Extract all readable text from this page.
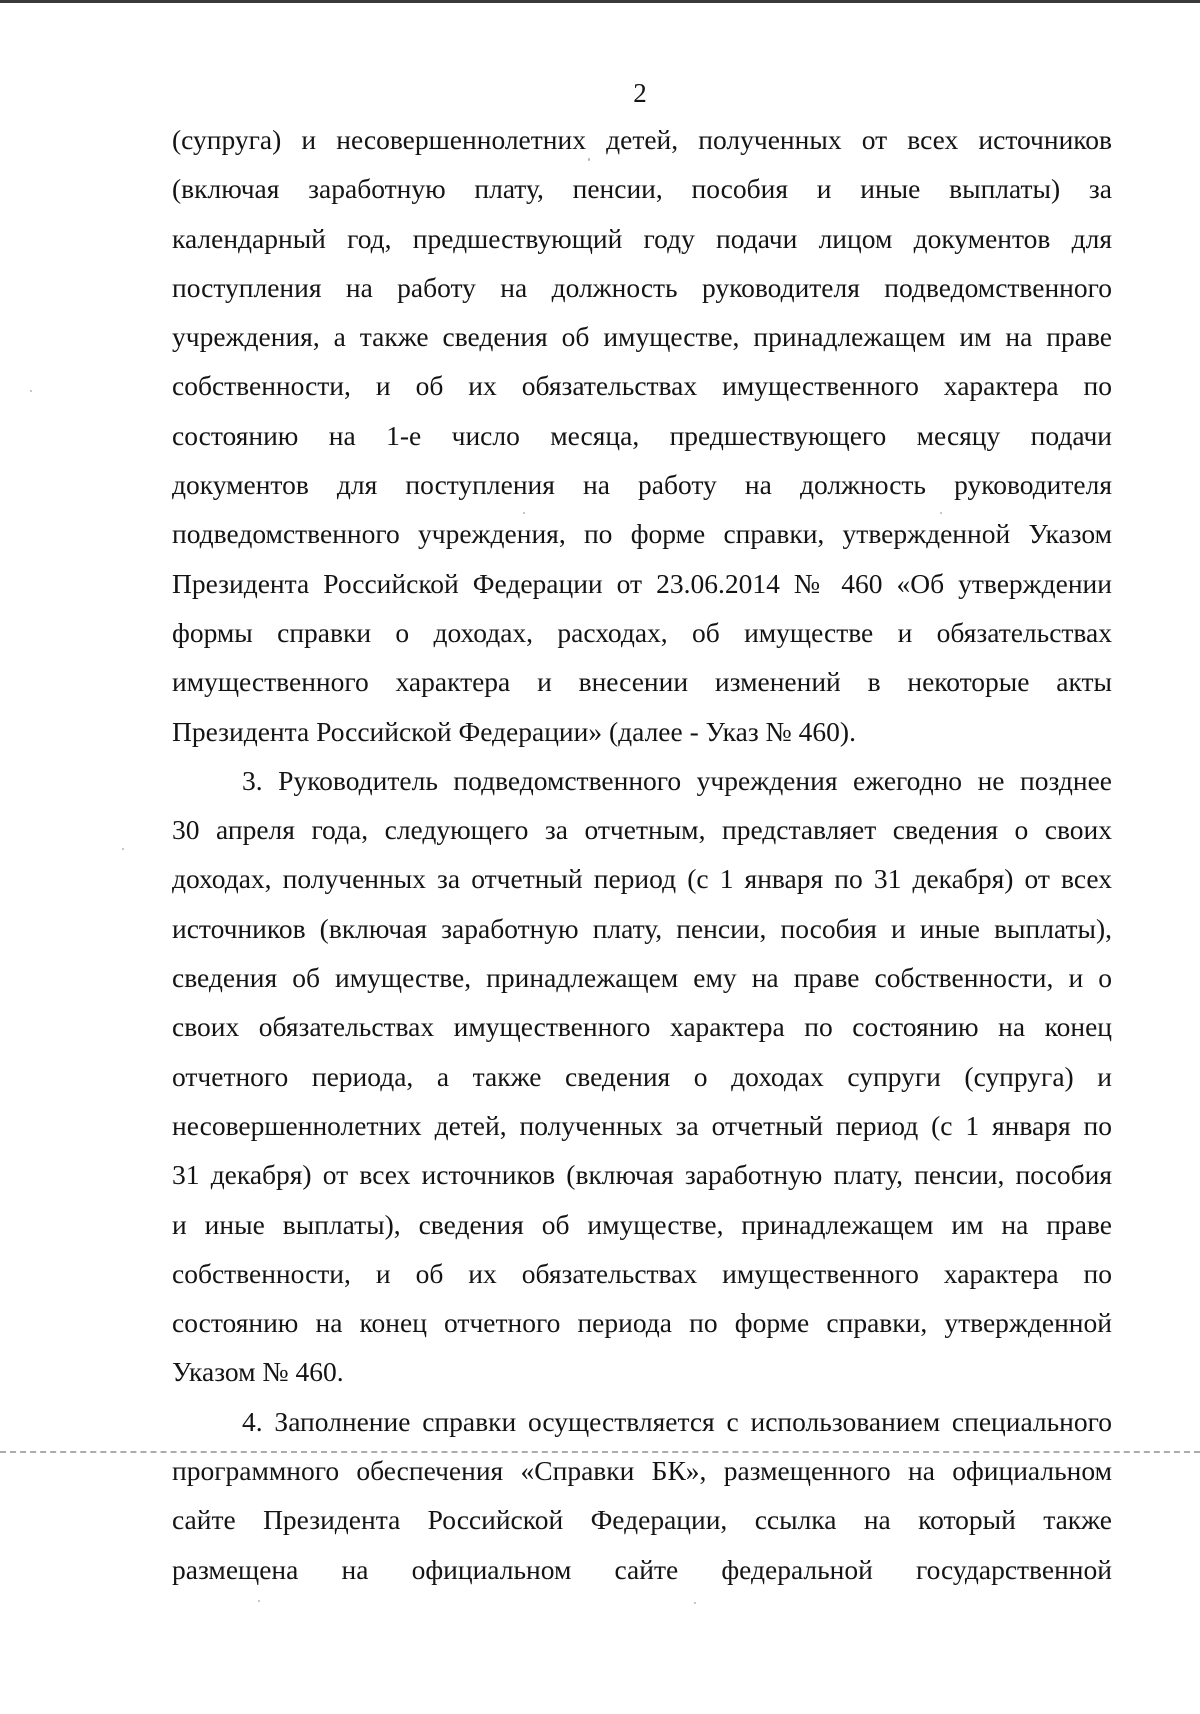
2
(супруга) и несовершеннолетних детей, полученных от всех источников
(включая заработную плату, пенсии, пособия и иные выплаты) за
календарный год, предшествующий году подачи лицом документов для
поступления на работу на должность руководителя подведомственного
учреждения, а также сведения об имуществе, принадлежащем им на праве
собственности, и об их обязательствах имущественного характера по
состоянию на 1-е число месяца, предшествующего месяцу подачи
документов для поступления на работу на должность руководителя
подведомственного учреждения, по форме справки, утвержденной Указом
Президента Российской Федерации от 23.06.2014 № 460 «Об утверждении
формы справки о доходах, расходах, об имуществе и обязательствах
имущественного характера и внесении изменений в некоторые акты
Президента Российской Федерации» (далее - Указ № 460).
3. Руководитель подведомственного учреждения ежегодно не позднее
30 апреля года, следующего за отчетным, представляет сведения о своих
доходах, полученных за отчетный период (с 1 января по 31 декабря) от всех
источников (включая заработную плату, пенсии, пособия и иные выплаты),
сведения об имуществе, принадлежащем ему на праве собственности, и о
своих обязательствах имущественного характера по состоянию на конец
отчетного периода, а также сведения о доходах супруги (супруга) и
несовершеннолетних детей, полученных за отчетный период (с 1 января по
31 декабря) от всех источников (включая заработную плату, пенсии, пособия
и иные выплаты), сведения об имуществе, принадлежащем им на праве
собственности, и об их обязательствах имущественного характера по
состоянию на конец отчетного периода по форме справки, утвержденной
Указом № 460.
4. Заполнение справки осуществляется с использованием специального
программного обеспечения «Справки БК», размещенного на официальном
сайте Президента Российской Федерации, ссылка на который также
размещена на официальном сайте федеральной государственной
